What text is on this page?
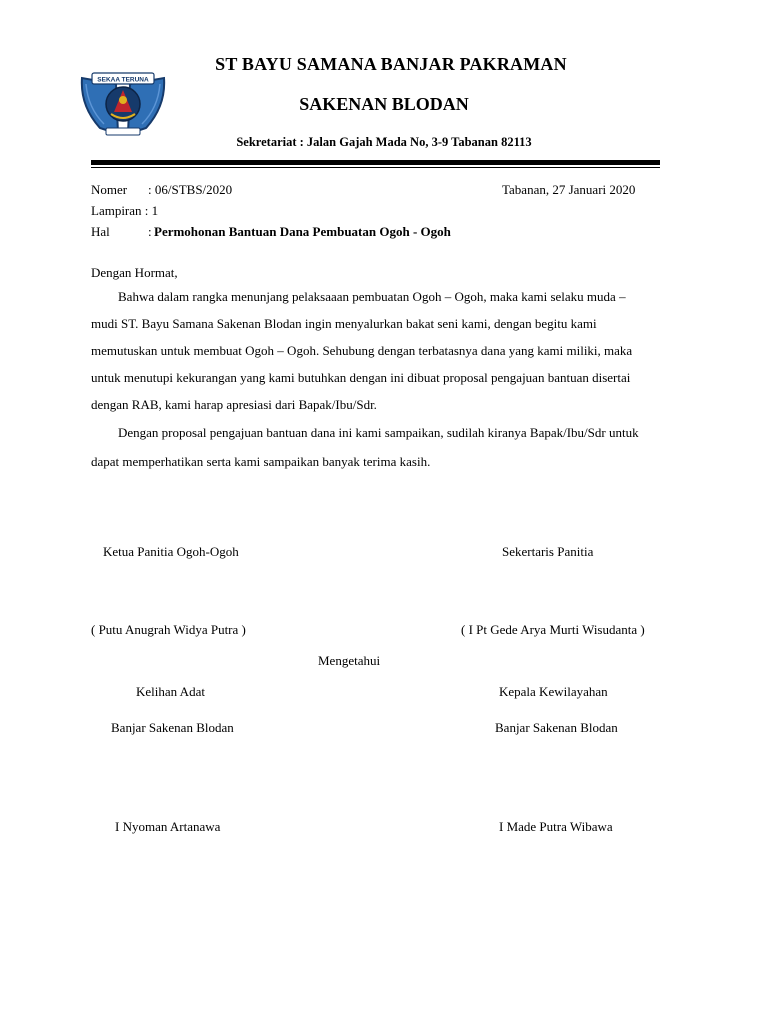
SEKAA TERUNA
ST BAYU SAMANA BANJAR PAKRAMAN
SAKENAN BLODAN
Sekretariat : Jalan Gajah Mada No, 3-9 Tabanan 82113
Nomer : 06/STBS/2020	Tabanan, 27 Januari 2020
Lampiran : 1
Hal	: Permohonan Bantuan Dana Pembuatan Ogoh - Ogoh
Dengan Hormat,
Bahwa dalam rangka menunjang pelaksaaan pembuatan Ogoh – Ogoh, maka kami selaku muda –
mudi ST. Bayu Samana Sakenan Blodan ingin menyalurkan bakat seni kami, dengan begitu kami
memutuskan untuk membuat Ogoh – Ogoh. Sehubung dengan terbatasnya dana yang kami miliki, maka
untuk menutupi kekurangan yang kami butuhkan dengan ini dibuat proposal pengajuan bantuan disertai
dengan RAB, kami harap apresiasi dari Bapak/Ibu/Sdr.
Dengan proposal pengajuan bantuan dana ini kami sampaikan, sudilah kiranya Bapak/Ibu/Sdr untuk
dapat memperhatikan serta kami sampaikan banyak terima kasih.
Ketua Panitia Ogoh-Ogoh	Sekertaris Panitia
( Putu Anugrah Widya Putra )	( I Pt Gede Arya Murti Wisudanta )
Mengetahui
Kelihan Adat	Kepala Kewilayahan
Banjar Sakenan Blodan	Banjar Sakenan Blodan
I Nyoman Artanawa	I Made Putra Wibawa
